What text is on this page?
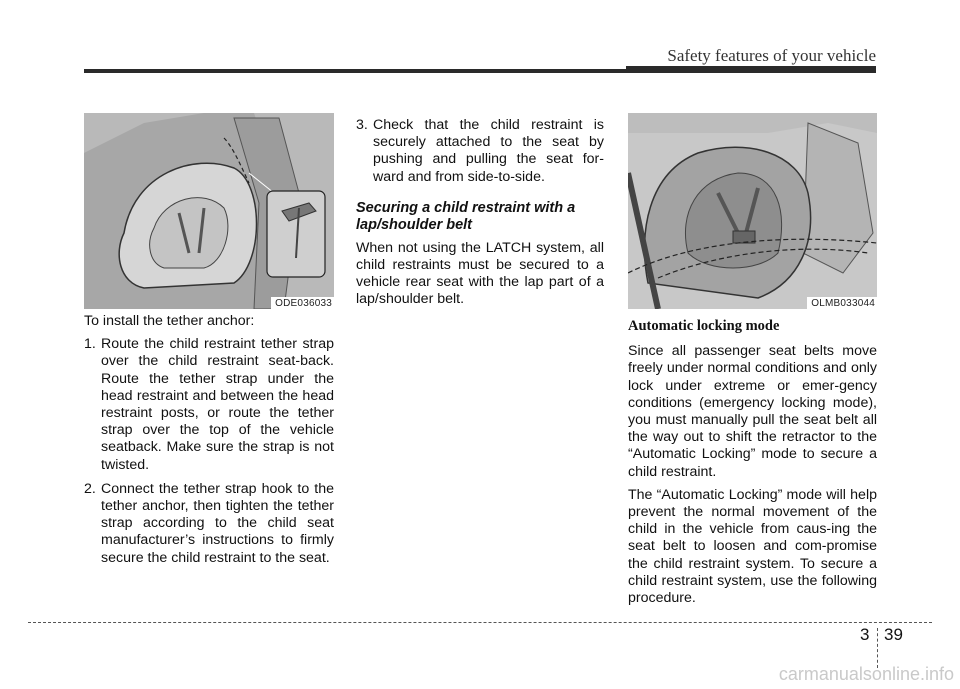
Safety features of your vehicle
ODE036033	OLMB033044

To install the tether anchor:

1. Route the child restraint tether strap over the child restraint seat-back. Route the tether strap under the head restraint and between the head restraint posts, or route the tether strap over the top of the vehicle seatback. Make sure the strap is not twisted.
2. Connect the tether strap hook to the tether anchor, then tighten the tether strap according to the child seat manufacturer’s instructions to firmly secure the child restraint to the seat.
3. Check that the child restraint is securely attached to the seat by pushing and pulling the seat for-ward and from side-to-side.
Securing a child restraint with a lap/shoulder belt

When not using the LATCH system, all child restraints must be secured to a vehicle rear seat with the lap part of a lap/shoulder belt.

Automatic locking mode

Since all passenger seat belts move freely under normal conditions and only lock under extreme or emer-gency conditions (emergency locking mode), you must manually pull the seat belt all the way out to shift the retractor to the “Automatic Locking” mode to secure a child restraint.

The “Automatic Locking” mode will help prevent the normal movement of the child in the vehicle from caus-ing the seat belt to loosen and com-promise the child restraint system. To secure a child restraint system, use the following procedure.

3 39
carmanualsonline.info
